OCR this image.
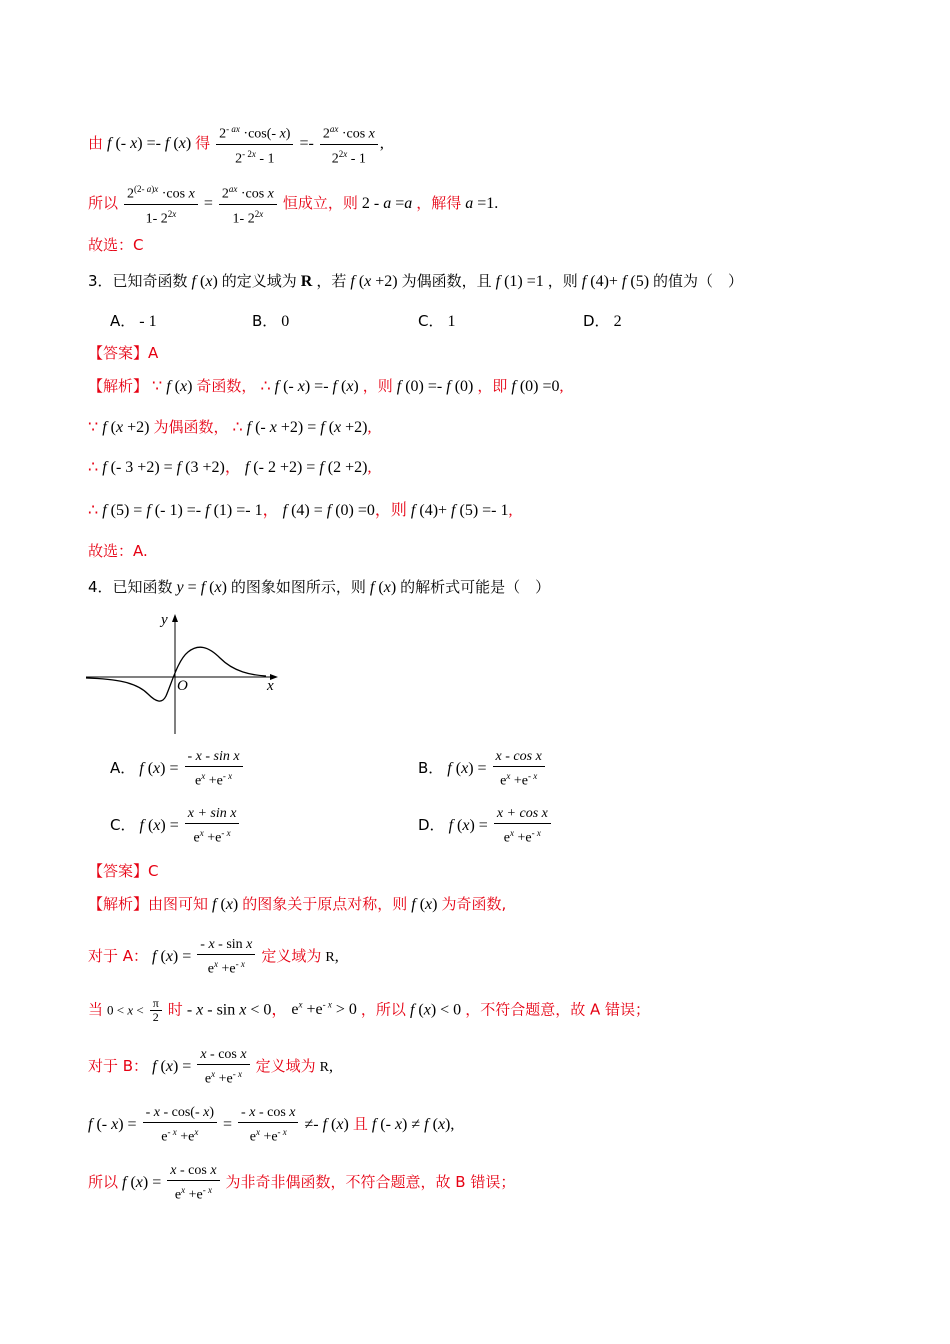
由 f (- x) =- f (x) 得 $\frac{2^{- ax} \cdot\cos(- x)}{2^{- 2x} - 1} =- \frac{2^{ax} \cdot\cos x}{2^{2x} - 1}$ ,
所以 $\frac{2^{(2- a)x} \cdot\cos x}{1- 2^{2x}} = \frac{2^{ax} \cdot\cos x}{1- 2^{2x}}$ 恒成立，则 2 - a =a ，解得 a =1.
故选：C
3．已知奇函数 f (x) 的定义域为 R ，若 f (x +2) 为偶函数，且 f (1) =1 ，则 f (4)+ f (5) 的值为（　）
A． - 1	B． 0	C． 1	D． 2
【答案】A
【解析】 ∵ f (x) 奇函数， ∴ f (- x) =- f (x) ，则 f (0) =- f (0) ，即 f (0) =0,
∵ f (x +2) 为偶函数， ∴ f (- x +2) = f (x +2),
∴ f (- 3 +2) = f (3 +2)， f (- 2 +2) = f (2 +2),
∴ f (5) = f (- 1) =- f (1) =- 1， f (4) = f (0) =0，则 f (4)+ f (5) =- 1,
故选：A.
4．已知函数 y = f (x) 的图象如图所示，则 f (x) 的解析式可能是（　）
y
x
O
A． f $(x) = \frac{\text{- x - sin x}}{e^x +e^{- x}}$	B． f $(x) = \frac{\text{x - cos x}}{e^x +e^{- x}}$
C． f $(x) = \frac{\text{x + sin x}}{e^x +e^{- x}}$	D． f $(x) = \frac{\text{x + cos x}}{e^x +e^{- x}}$
【答案】C
【解析】由图可知 f (x) 的图象关于原点对称，则 f (x) 为奇函数,
对于 A： f $(x) = \frac{\text{- x - sin x}}{e^x +e^{- x}}$ 定义域为 R,
当 $0 < x < \frac{\pi}{2}$ 时 - x - sin x < 0， $e^x +e^{- x} > 0$ ，所以 f (x) < 0 ，不符合题意，故 A 错误；
对于 B： f $(x) = \frac{\text{x - cos x}}{e^x +e^{- x}}$ 定义域为 R,
f (- $x) = \frac{- x - \cos(- x)}{e^{- x} +e^x} = \frac{\text{- x - cos x}}{e^x +e^{- x}} \ne- f$ (x) 且 f (- x) ≠ f (x),
所以 f $(x) = \frac{\text{x - cos x}}{e^x +e^{- x}}$ 为非奇非偶函数，不符合题意，故 B 错误；
